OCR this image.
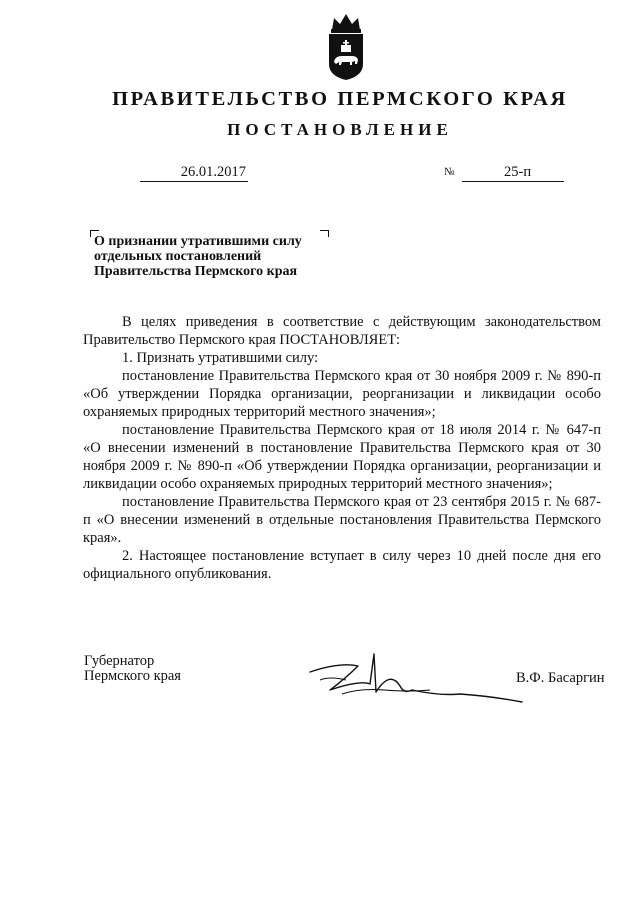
ПРАВИТЕЛЬСТВО ПЕРМСКОГО КРАЯ
ПОСТАНОВЛЕНИЕ
26.01.2017	№	25-п
О признании утратившими силу
отдельных постановлений
Правительства Пермского края

В целях приведения в соответствие с действующим законодательством Правительство Пермского края ПОСТАНОВЛЯЕТ:

1. Признать утратившими силу:

постановление Правительства Пермского края от 30 ноября 2009 г. № 890-п «Об утверждении Порядка организации, реорганизации и ликвидации особо охраняемых природных территорий местного значения»;

постановление Правительства Пермского края от 18 июля 2014 г. № 647-п «О внесении изменений в постановление Правительства Пермского края от 30 ноября 2009 г. № 890-п «Об утверждении Порядка организации, реорганизации и ликвидации особо охраняемых природных территорий местного значения»;

постановление Правительства Пермского края от 23 сентября 2015 г. № 687-п «О внесении изменений в отдельные постановления Правительства Пермского края».

2. Настоящее постановление вступает в силу через 10 дней после дня его официального опубликования.

Губернатор
Пермского края	В.Ф. Басаргин
